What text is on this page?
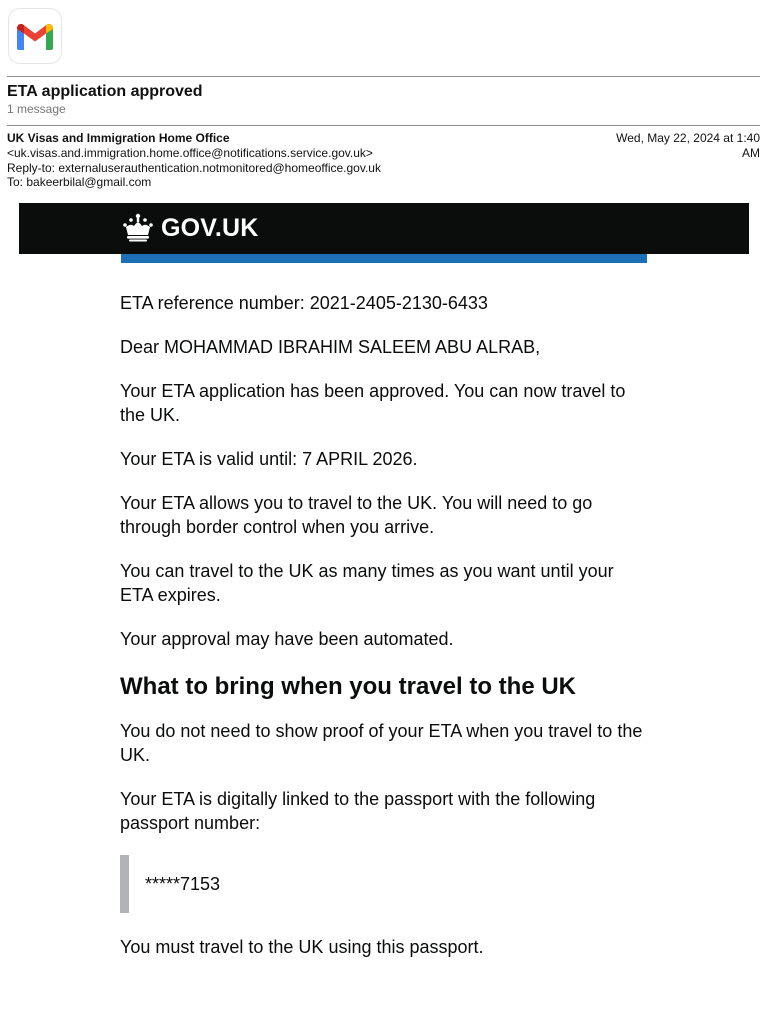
ETA application approved
1 message
UK Visas and Immigration Home Office
<uk.visas.and.immigration.home.office@notifications.service.gov.uk>
Reply-to: externaluserauthentication.notmonitored@homeoffice.gov.uk
To: bakeerbilal@gmail.com
Wed, May 22, 2024 at 1:40
AM
GOV.UK

ETA reference number: 2021-2405-2130-6433

Dear MOHAMMAD IBRAHIM SALEEM ABU ALRAB,

Your ETA application has been approved. You can now travel to the UK.

Your ETA is valid until: 7 APRIL 2026.

Your ETA allows you to travel to the UK. You will need to go through border control when you arrive.

You can travel to the UK as many times as you want until your ETA expires.

Your approval may have been automated.

What to bring when you travel to the UK

You do not need to show proof of your ETA when you travel to the UK.

Your ETA is digitally linked to the passport with the following passport number:

*****7153

You must travel to the UK using this passport.
